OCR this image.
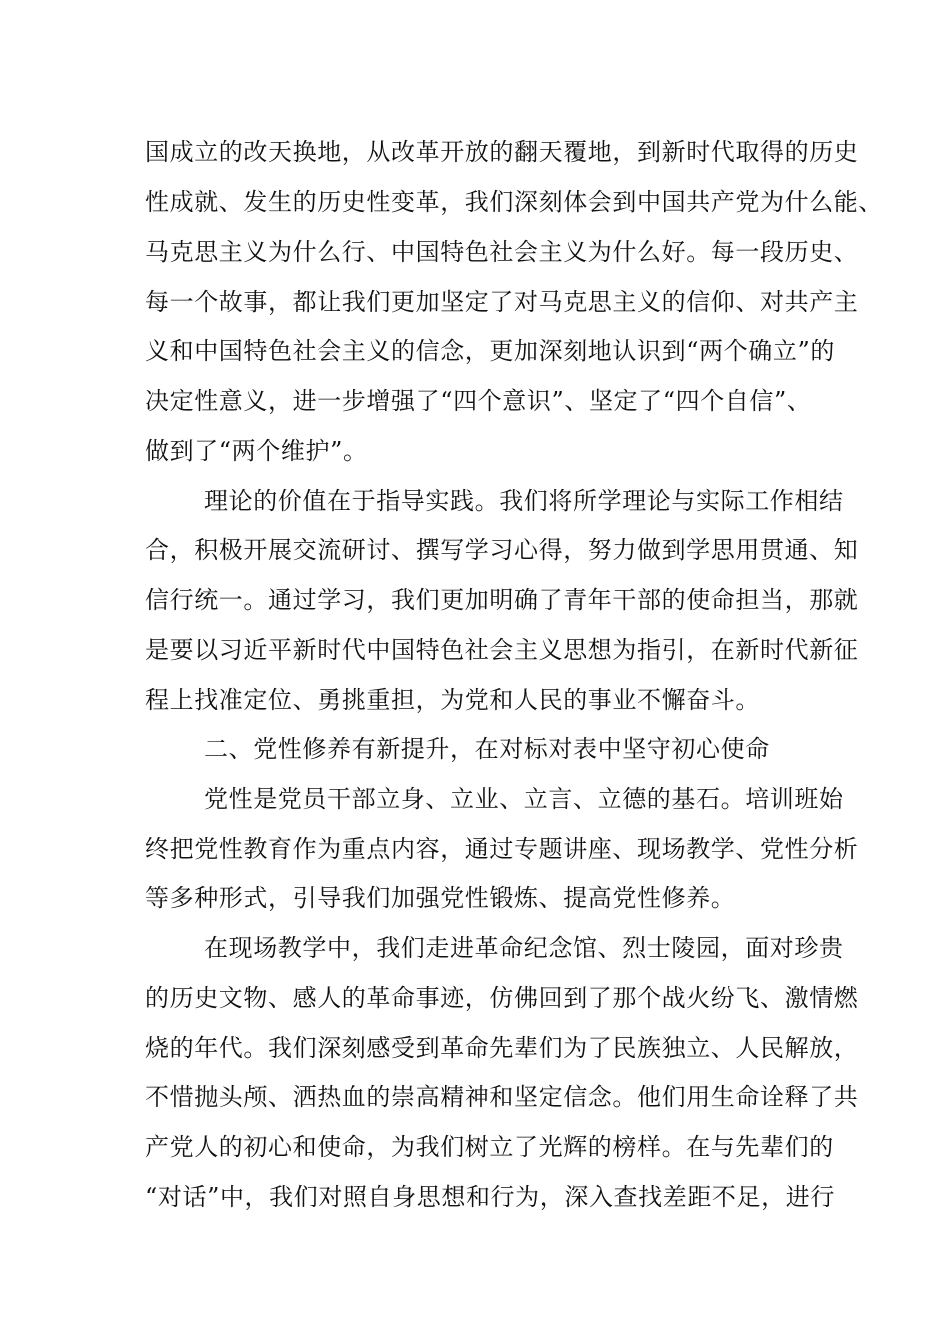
国成立的改天换地，从改革开放的翻天覆地，到新时代取得的历史
性成就、发生的历史性变革，我们深刻体会到中国共产党为什么能、
马克思主义为什么行、中国特色社会主义为什么好。每一段历史、
每一个故事，都让我们更加坚定了对马克思主义的信仰、对共产主
义和中国特色社会主义的信念，更加深刻地认识到“两个确立”的
决定性意义，进一步增强了“四个意识”、坚定了“四个自信”、
做到了“两个维护”。
理论的价值在于指导实践。我们将所学理论与实际工作相结
合，积极开展交流研讨、撰写学习心得，努力做到学思用贯通、知
信行统一。通过学习，我们更加明确了青年干部的使命担当，那就
是要以习近平新时代中国特色社会主义思想为指引，在新时代新征
程上找准定位、勇挑重担，为党和人民的事业不懈奋斗。
二、党性修养有新提升，在对标对表中坚守初心使命
党性是党员干部立身、立业、立言、立德的基石。培训班始
终把党性教育作为重点内容，通过专题讲座、现场教学、党性分析
等多种形式，引导我们加强党性锻炼、提高党性修养。
在现场教学中，我们走进革命纪念馆、烈士陵园，面对珍贵
的历史文物、感人的革命事迹，仿佛回到了那个战火纷飞、激情燃
烧的年代。我们深刻感受到革命先辈们为了民族独立、人民解放，
不惜抛头颅、洒热血的崇高精神和坚定信念。他们用生命诠释了共
产党人的初心和使命，为我们树立了光辉的榜样。在与先辈们的
“对话”中，我们对照自身思想和行为，深入查找差距不足，进行
